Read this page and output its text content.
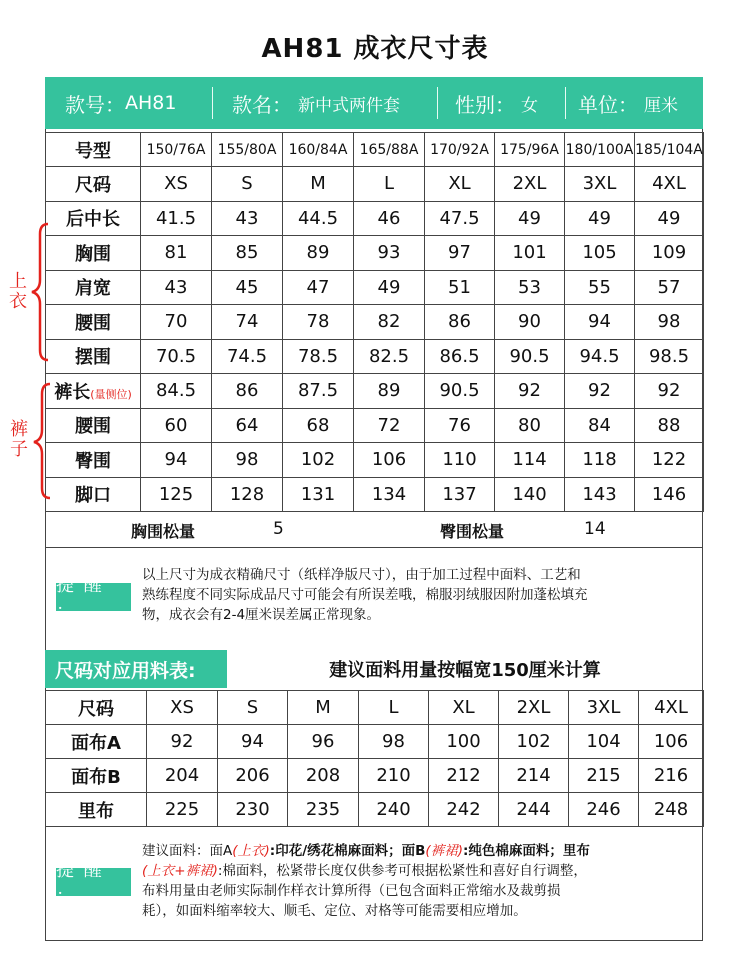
AH81 成衣尺寸表
款号： AH81	款名： 新中式两件套	性别： 女 单位： 厘米
号型	150/76A	155/80A	160/84A	165/88A	170/92A	175/96A	180/100A	185/104A
尺码	XS	S	M	L	XL	2XL	3XL	4XL
后中长	41.5	43	44.5	46	47.5	49	49	49
胸围	81	85	89	93	97	101	105	109
肩宽	43	45	47	49	51	53	55	57
腰围	70	74	78	82	86	90	94	98
摆围	70.5	74.5	78.5	82.5	86.5	90.5	94.5	98.5
裤长(量侧位)	84.5	86	87.5	89	90.5	92	92	92
腰围	60	64	68	72	76	80	84	88
臀围	94	98	102	106	110	114	118	122
脚口	125	128	131	134	137	140	143	146
上衣
裤子
胸围松量	5	臀围松量	14
提 醒 ：
以上尺寸为成衣精确尺寸（纸样净版尺寸），由于加工过程中面料、工艺和
熟练程度不同实际成品尺寸可能会有所误差哦，棉服羽绒服因附加蓬松填充
物，成衣会有2-4厘米误差属正常现象。
尺码对应用料表:	建议面料用量按幅宽150厘米计算
尺码	XS	S	M	L	XL	2XL	3XL	4XL
面布A	92	94	96	98	100	102	104	106
面布B	204	206	208	210	212	214	215	216
里布	225	230	235	240	242	244	246	248
提 醒 ：
建议面料：面A(上衣):印花/绣花棉麻面料；面B(裤裙):纯色棉麻面料；里布
(上衣+裤裙):棉面料，松紧带长度仅供参考可根据松紧性和喜好自行调整，
布料用量由老师实际制作样衣计算所得（已包含面料正常缩水及裁剪损
耗），如面料缩率较大、顺毛、定位、对格等可能需要相应增加。
